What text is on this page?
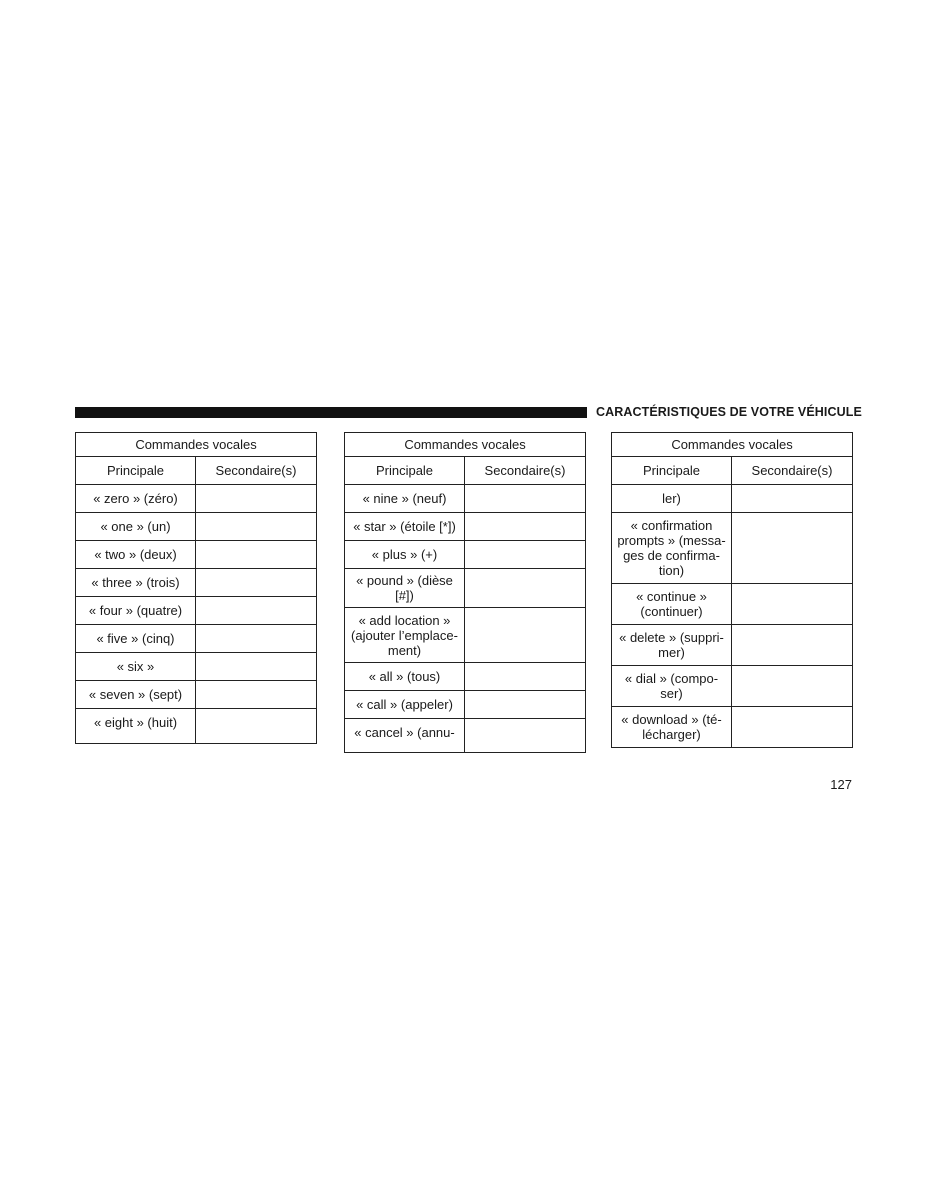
CARACTÉRISTIQUES DE VOTRE VÉHICULE
Commandes vocales	
Principale	Secondaire(s)
« zero » (zéro)	
« one » (un)	
« two » (deux)	
« three » (trois)	
« four » (quatre)	
« five » (cinq)	
« six »	
« seven » (sept)	
« eight » (huit)	
Commandes vocales	
Principale	Secondaire(s)
« nine » (neuf)	
« star » (étoile [*])	
« plus » (+)	
« pound » (dièse [#])	
« add location » (ajouter l’emplace-ment)	
« all » (tous)	
« call » (appeler)	
« cancel » (annu-	
Commandes vocales	
Principale	Secondaire(s)
ler)	
« confirmation prompts » (messa-ges de confirma-tion)	
« continue » (continuer)	
« delete » (suppri-mer)	
« dial » (compo-ser)	
« download » (té-lécharger)	
127
